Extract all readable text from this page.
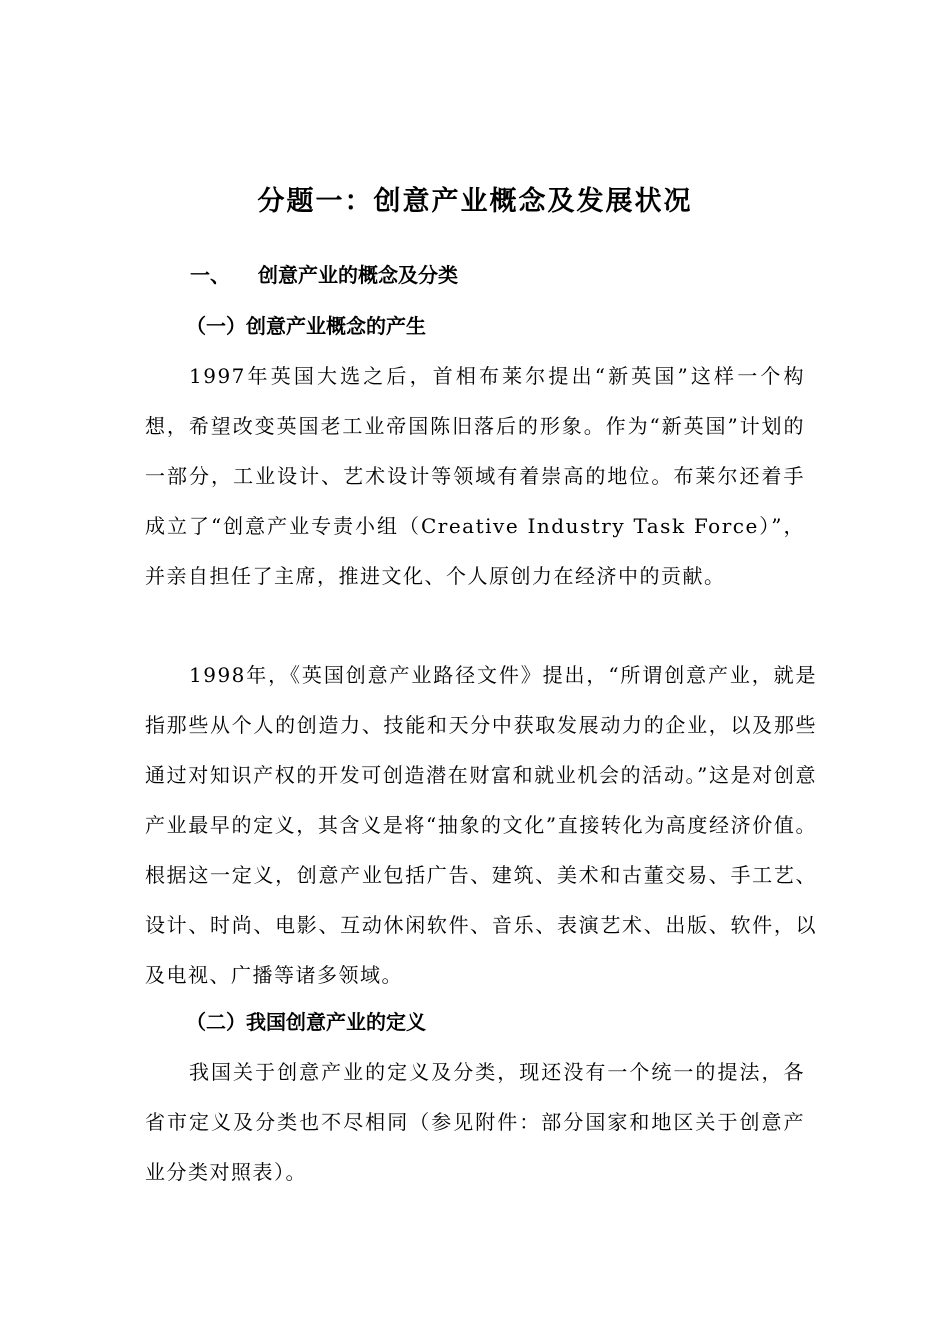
分题一：创意产业概念及发展状况
一、 创意产业的概念及分类
（一）创意产业概念的产生

1997年英国大选之后，首相布莱尔提出“新英国”这样一个构想，希望改变英国老工业帝国陈旧落后的形象。作为“新英国”计划的一部分，工业设计、艺术设计等领域有着崇高的地位。布莱尔还着手成立了“创意产业专责小组（Creative Industry Task Force）”，并亲自担任了主席，推进文化、个人原创力在经济中的贡献。

1998年，《英国创意产业路径文件》提出，“所谓创意产业，就是指那些从个人的创造力、技能和天分中获取发展动力的企业，以及那些通过对知识产权的开发可创造潜在财富和就业机会的活动。”这是对创意产业最早的定义，其含义是将“抽象的文化”直接转化为高度经济价值。根据这一定义，创意产业包括广告、建筑、美术和古董交易、手工艺、设计、时尚、电影、互动休闲软件、音乐、表演艺术、出版、软件，以及电视、广播等诸多领域。

（二）我国创意产业的定义

我国关于创意产业的定义及分类，现还没有一个统一的提法，各省市定义及分类也不尽相同（参见附件：部分国家和地区关于创意产业分类对照表）。
